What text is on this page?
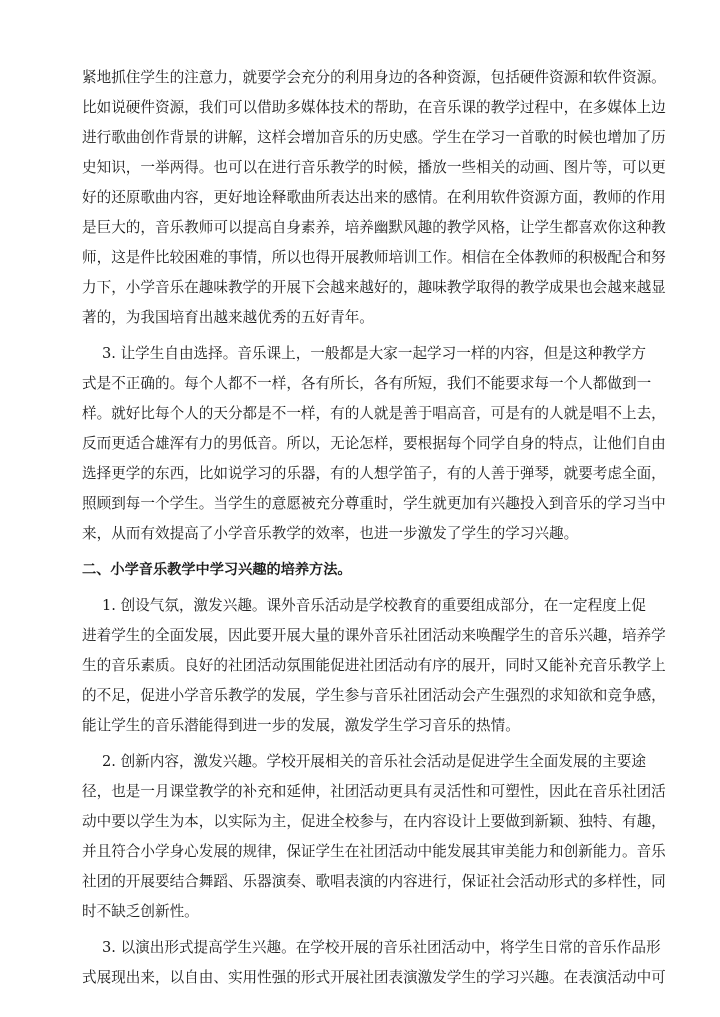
紧地抓住学生的注意力，就要学会充分的利用身边的各种资源，包括硬件资源和软件资源。
比如说硬件资源，我们可以借助多媒体技术的帮助，在音乐课的教学过程中，在多媒体上边
进行歌曲创作背景的讲解，这样会增加音乐的历史感。学生在学习一首歌的时候也增加了历
史知识，一举两得。也可以在进行音乐教学的时候，播放一些相关的动画、图片等，可以更
好的还原歌曲内容，更好地诠释歌曲所表达出来的感情。在利用软件资源方面，教师的作用
是巨大的，音乐教师可以提高自身素养，培养幽默风趣的教学风格，让学生都喜欢你这种教
师，这是件比较困难的事情，所以也得开展教师培训工作。相信在全体教师的积极配合和努
力下，小学音乐在趣味教学的开展下会越来越好的，趣味教学取得的教学成果也会越来越显
著的，为我国培育出越来越优秀的五好青年。
3. 让学生自由选择。音乐课上，一般都是大家一起学习一样的内容，但是这种教学方
式是不正确的。每个人都不一样，各有所长，各有所短，我们不能要求每一个人都做到一
样。就好比每个人的天分都是不一样，有的人就是善于唱高音，可是有的人就是唱不上去，
反而更适合雄浑有力的男低音。所以，无论怎样，要根据每个同学自身的特点，让他们自由
选择更学的东西，比如说学习的乐器，有的人想学笛子，有的人善于弹琴，就要考虑全面，
照顾到每一个学生。当学生的意愿被充分尊重时，学生就更加有兴趣投入到音乐的学习当中
来，从而有效提高了小学音乐教学的效率，也进一步激发了学生的学习兴趣。
二、小学音乐教学中学习兴趣的培养方法。
1. 创设气氛，激发兴趣。课外音乐活动是学校教育的重要组成部分，在一定程度上促
进着学生的全面发展，因此要开展大量的课外音乐社团活动来唤醒学生的音乐兴趣，培养学
生的音乐素质。良好的社团活动氛围能促进社团活动有序的展开，同时又能补充音乐教学上
的不足，促进小学音乐教学的发展，学生参与音乐社团活动会产生强烈的求知欲和竞争感，
能让学生的音乐潜能得到进一步的发展，激发学生学习音乐的热情。
2. 创新内容，激发兴趣。学校开展相关的音乐社会活动是促进学生全面发展的主要途
径，也是一月课堂教学的补充和延伸，社团活动更具有灵活性和可塑性，因此在音乐社团活
动中要以学生为本，以实际为主，促进全校参与，在内容设计上要做到新颖、独特、有趣，
并且符合小学身心发展的规律，保证学生在社团活动中能发展其审美能力和创新能力。音乐
社团的开展要结合舞蹈、乐器演奏、歌唱表演的内容进行，保证社会活动形式的多样性，同
时不缺乏创新性。
3. 以演出形式提高学生兴趣。在学校开展的音乐社团活动中，将学生日常的音乐作品形
式展现出来，以自由、实用性强的形式开展社团表演激发学生的学习兴趣。在表演活动中可
